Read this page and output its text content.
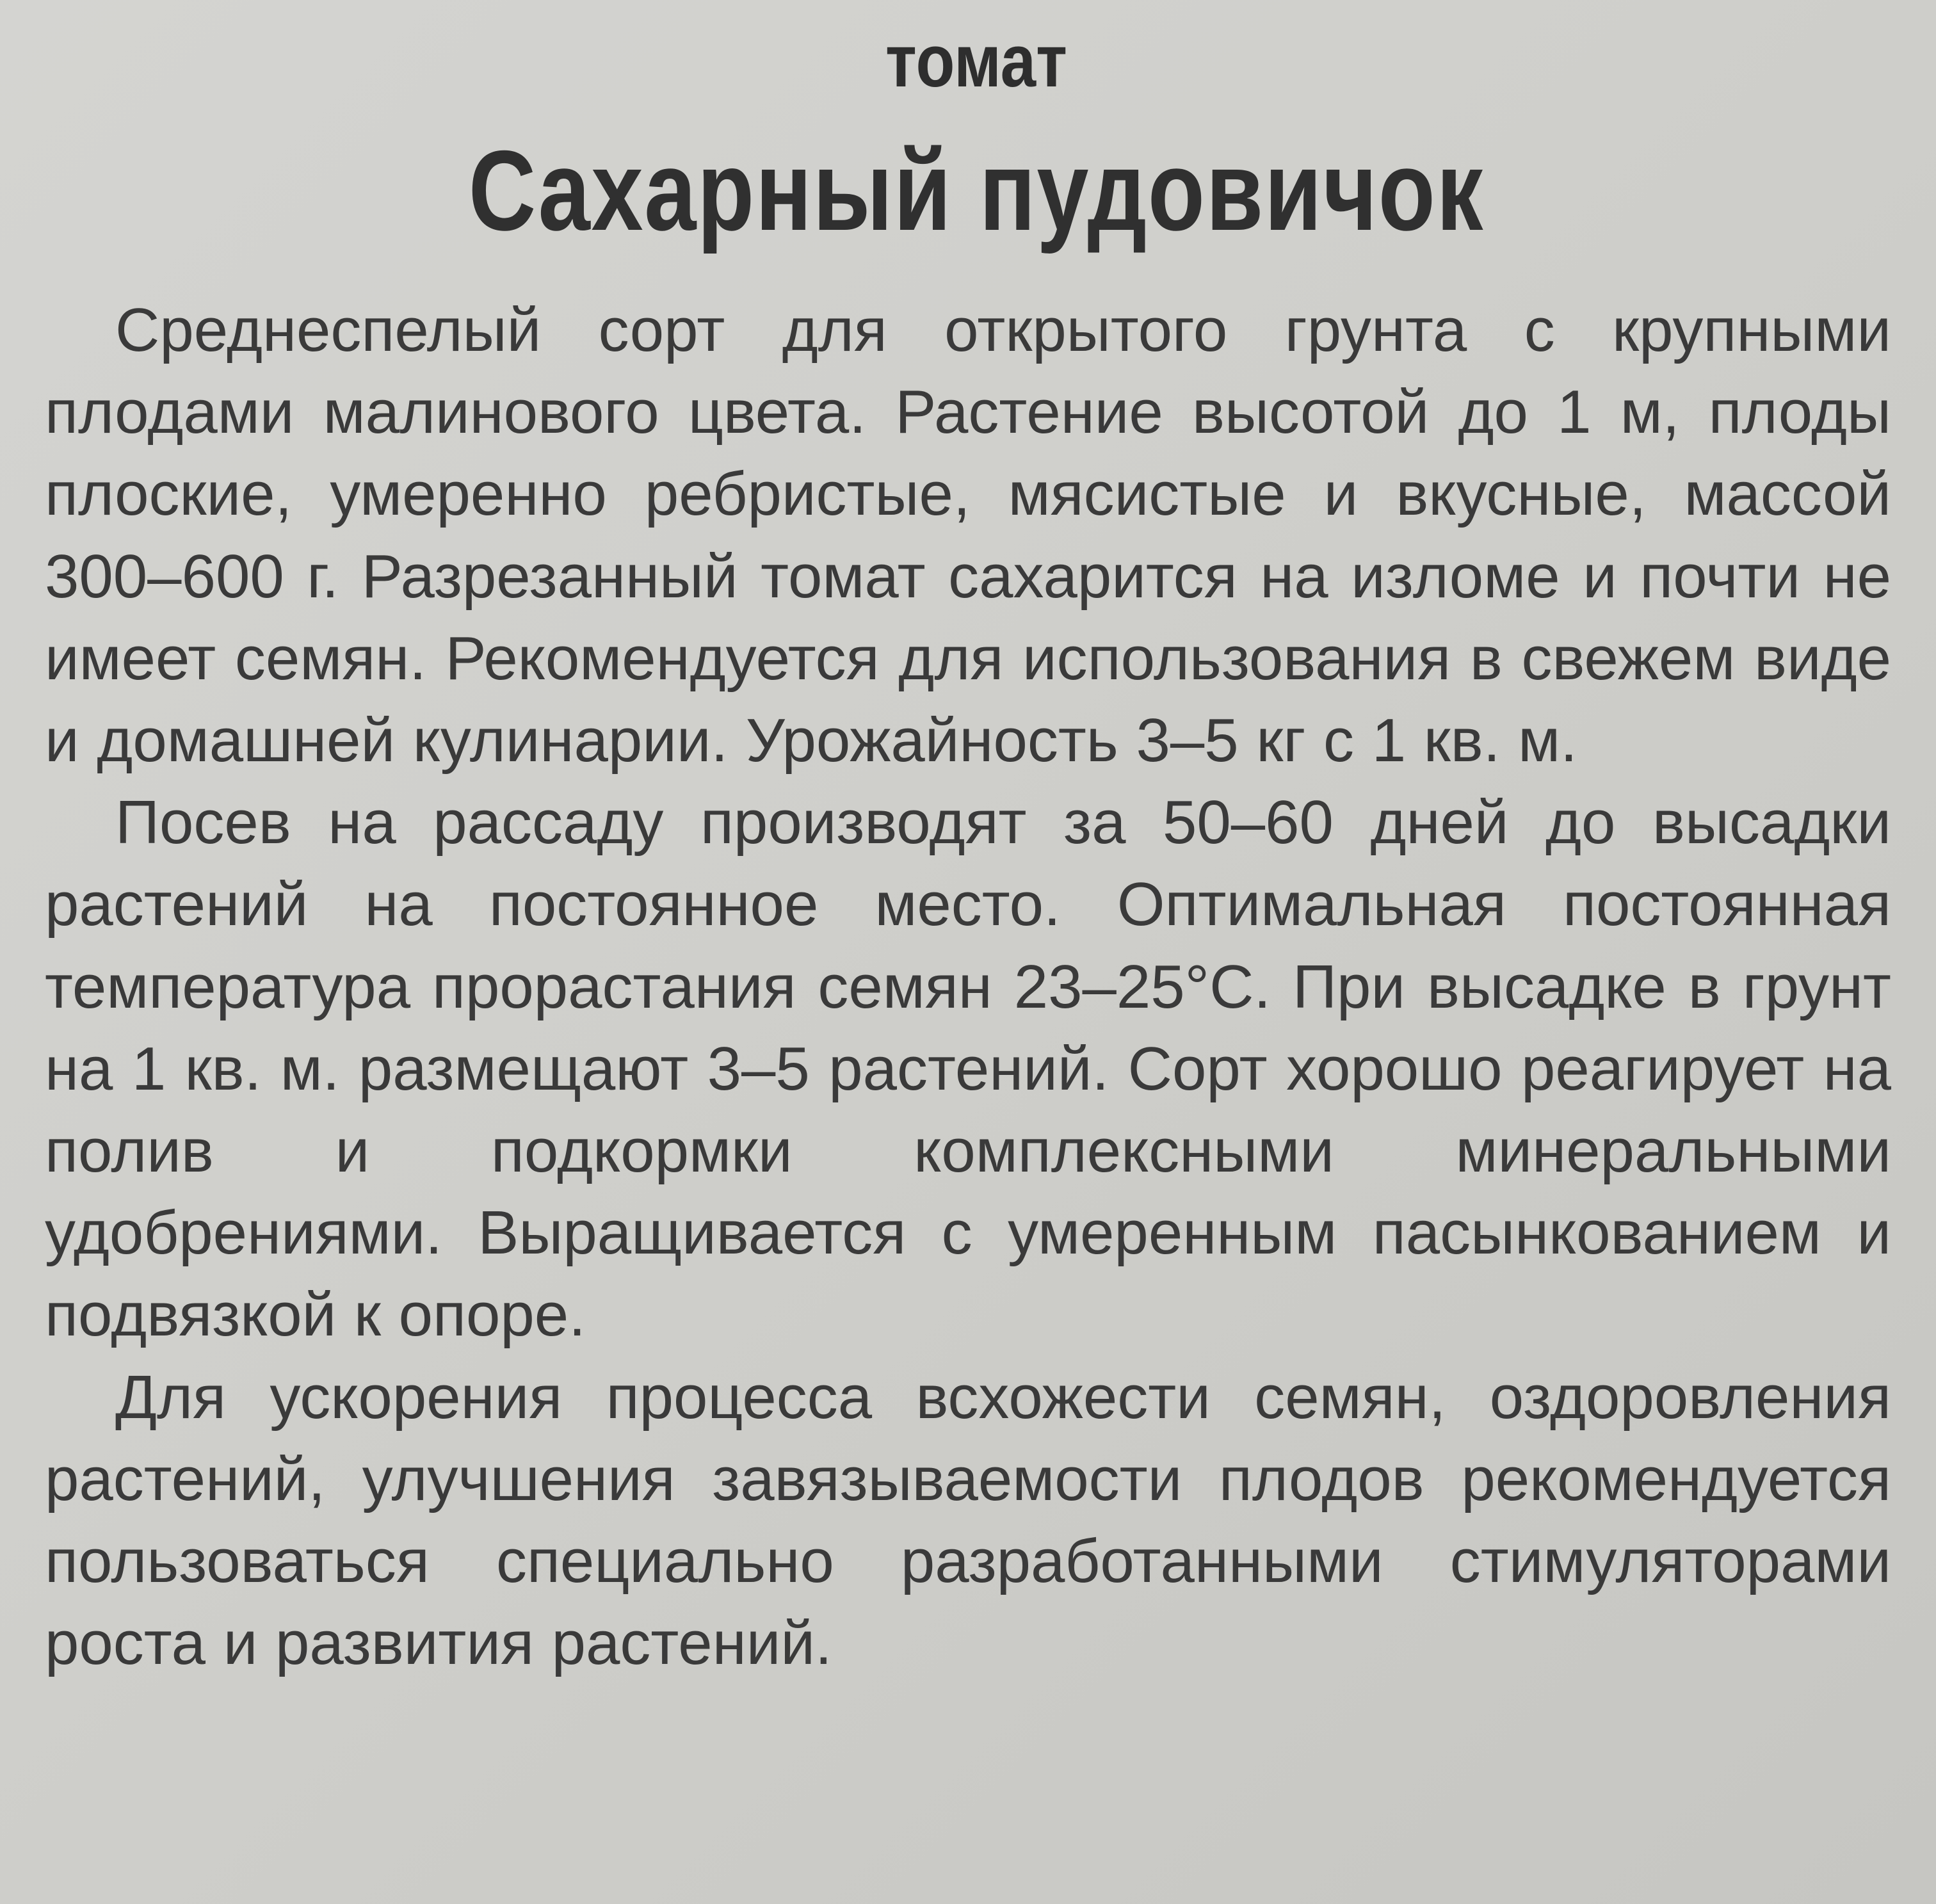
томат
Сахарный пудовичок

Среднеспелый сорт для открытого грунта с крупными плодами малинового цвета. Растение высотой до 1 м, плоды плоские, умеренно ребристые, мясистые и вкусные, массой 300–600 г. Разрезанный томат сахарится на изломе и почти не имеет семян. Рекомендуется для использования в свежем виде и домашней кулинарии. Урожайность 3–5 кг с 1 кв. м.

Посев на рассаду производят за 50–60 дней до высадки растений на постоянное место. Оптимальная постоянная температура прорастания семян 23–25°С. При высадке в грунт на 1 кв. м. размещают 3–5 растений. Сорт хорошо реагирует на полив и подкормки комплексными минеральными удобрениями. Выращивается с умеренным пасынкованием и подвязкой к опоре.

Для ускорения процесса всхожести семян, оздоровления растений, улучшения завязываемости плодов рекомендуется пользоваться специально разработанными стимуляторами роста и развития растений.
